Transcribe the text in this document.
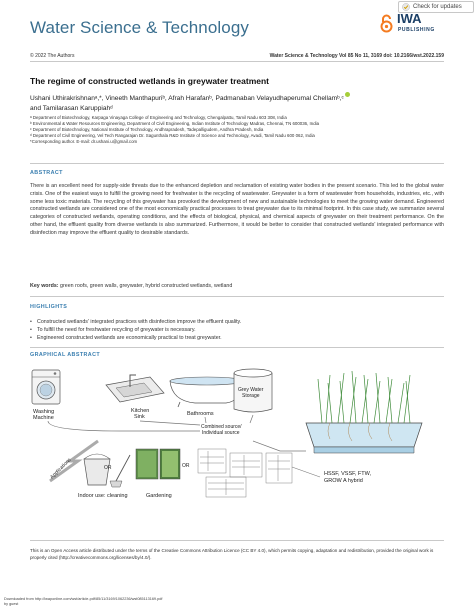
Water Science & Technology
Check for updates
IWA
PUBLISHING
© 2022 The Authors	Water Science & Technology Vol 85 No 11, 3169 doi: 10.2166/wst.2022.159
The regime of constructed wetlands in greywater treatment
Ushani Uthirakrishnanᵃ,*, Vineeth Manthapuriᵇ, Afrah Harafanᵇ, Padmanaban Velayudhaperumal Chellamᵇ,ᶜ
and Tamilarasan Karuppiahᵈ
ᵃ Department of Biotechnology, Karpaga Vinayaga College of Engineering and Technology, Chengalpattu, Tamil Nadu 603 308, India
ᵇ Environmental & Water Resources Engineering, Department of Civil Engineering, Indian Institute of Technology Madras, Chennai, TN 600036, India
ᶜ Department of Biotechnology, National Institute of Technology, Andhrapradesh, Tadepalligudem, Andhra Pradesh, India
ᵈ Department of Civil Engineering, Vel Tech Rangarajan Dr. Sagunthala R&D Institute of Science and Technology, Avadi, Tamil Nadu 600 062, India
*Corresponding author. E-mail: dr.ushani.u@gmail.com
ABSTRACT
There is an excellent need for supply-side threats due to the enhanced depletion and reclamation of existing water bodies in the present scenario. This led to the global water crisis. One of the easiest ways to fulfill the growing need for freshwater is the recycling of wastewater. Greywater is a form of wastewater from households, industries, etc., with some less toxic materials. The recycling of this greywater has provoked the development of new and sustainable technologies to meet the growing water demand. Engineered constructed wetlands are considered one of the most economically practical processes to treat greywater due to its minimal footprint. In this case study, we summarize several categories of constructed wetlands, operating conditions, and the effects of biological, physical, and chemical aspects of greywater on their treatment performance. On the other hand, the effluent quality from diverse wetlands is also summarized. Furthermore, it would be better to consider that constructed wetlands' integrated performance with disinfection may improve the effluent quality to desirable standards.
Key words: green roofs, green walls, greywater, hybrid constructed wetlands, wetland
HIGHLIGHTS
• Constructed wetlands' integrated practices with disinfection improve the effluent quality.
• To fulfill the need for freshwater recycling of greywater is necessary.
• Engineered constructed wetlands are economically practical to treat greywater.
GRAPHICAL ABSTRACT
Washing
Machine
Kitchen
Sink	Bathrooms
Grey Water
Storage
Combined source/
Individual source
Applications	OR
Indoor use: cleaning
OR
Gardening
HSSF, VSSF, FTW,
GROW A hybrid
This is an Open Access article distributed under the terms of the Creative Commons Attribution Licence (CC BY 4.0), which permits copying, adaptation and redistribution, provided the original work is properly cited (http://creativecommons.org/licenses/by/4.0/).
Downloaded from http://iwaponline.com/wst/article-pdf/85/11/3169/1062236/wst085113169.pdf
by guest
